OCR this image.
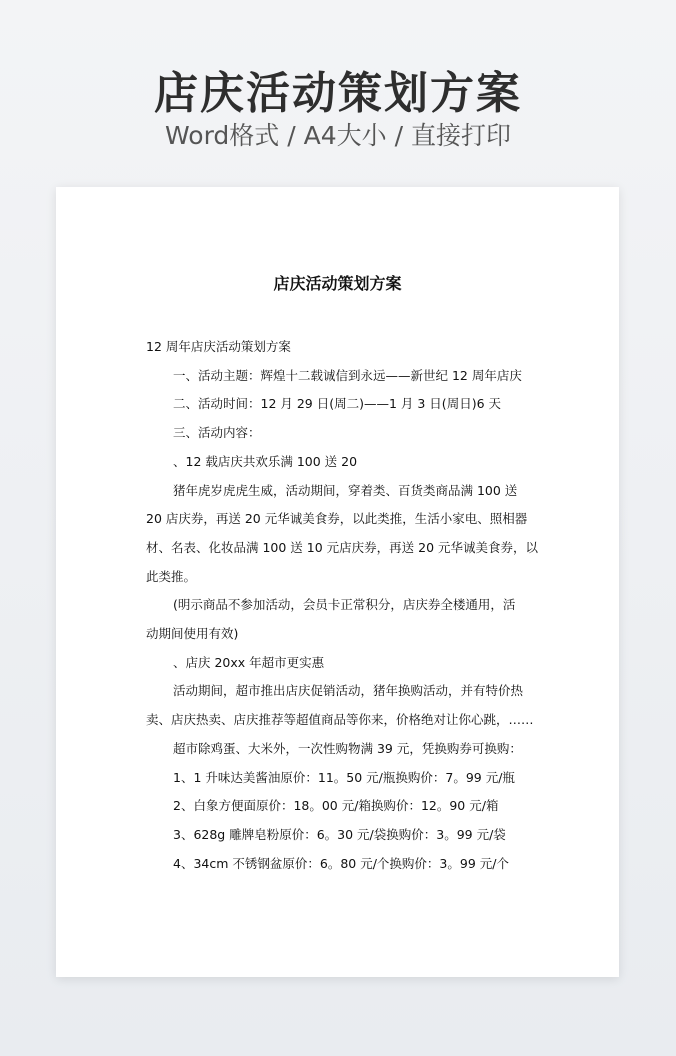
店庆活动策划方案
Word格式 / A4大小 / 直接打印
店庆活动策划方案

12 周年店庆活动策划方案

一、活动主题：辉煌十二载诚信到永远——新世纪 12 周年店庆

二、活动时间：12 月 29 日(周二)——1 月 3 日(周日)6 天

三、活动内容：

、12 载店庆共欢乐满 100 送 20

猪年虎岁虎虎生威，活动期间，穿着类、百货类商品满 100 送

20 店庆券，再送 20 元华诚美食券，以此类推，生活小家电、照相器

材、名表、化妆品满 100 送 10 元店庆券，再送 20 元华诚美食券，以

此类推。

(明示商品不参加活动，会员卡正常积分，店庆券全楼通用，活

动期间使用有效)

、店庆 20xx 年超市更实惠

活动期间，超市推出店庆促销活动，猪年换购活动，并有特价热

卖、店庆热卖、店庆推荐等超值商品等你来，价格绝对让你心跳，……

超市除鸡蛋、大米外，一次性购物满 39 元，凭换购券可换购：

1、1 升味达美酱油原价：11。50 元/瓶换购价：7。99 元/瓶

2、白象方便面原价：18。00 元/箱换购价：12。90 元/箱

3、628g 雕牌皂粉原价：6。30 元/袋换购价：3。99 元/袋

4、34cm 不锈钢盆原价：6。80 元/个换购价：3。99 元/个
